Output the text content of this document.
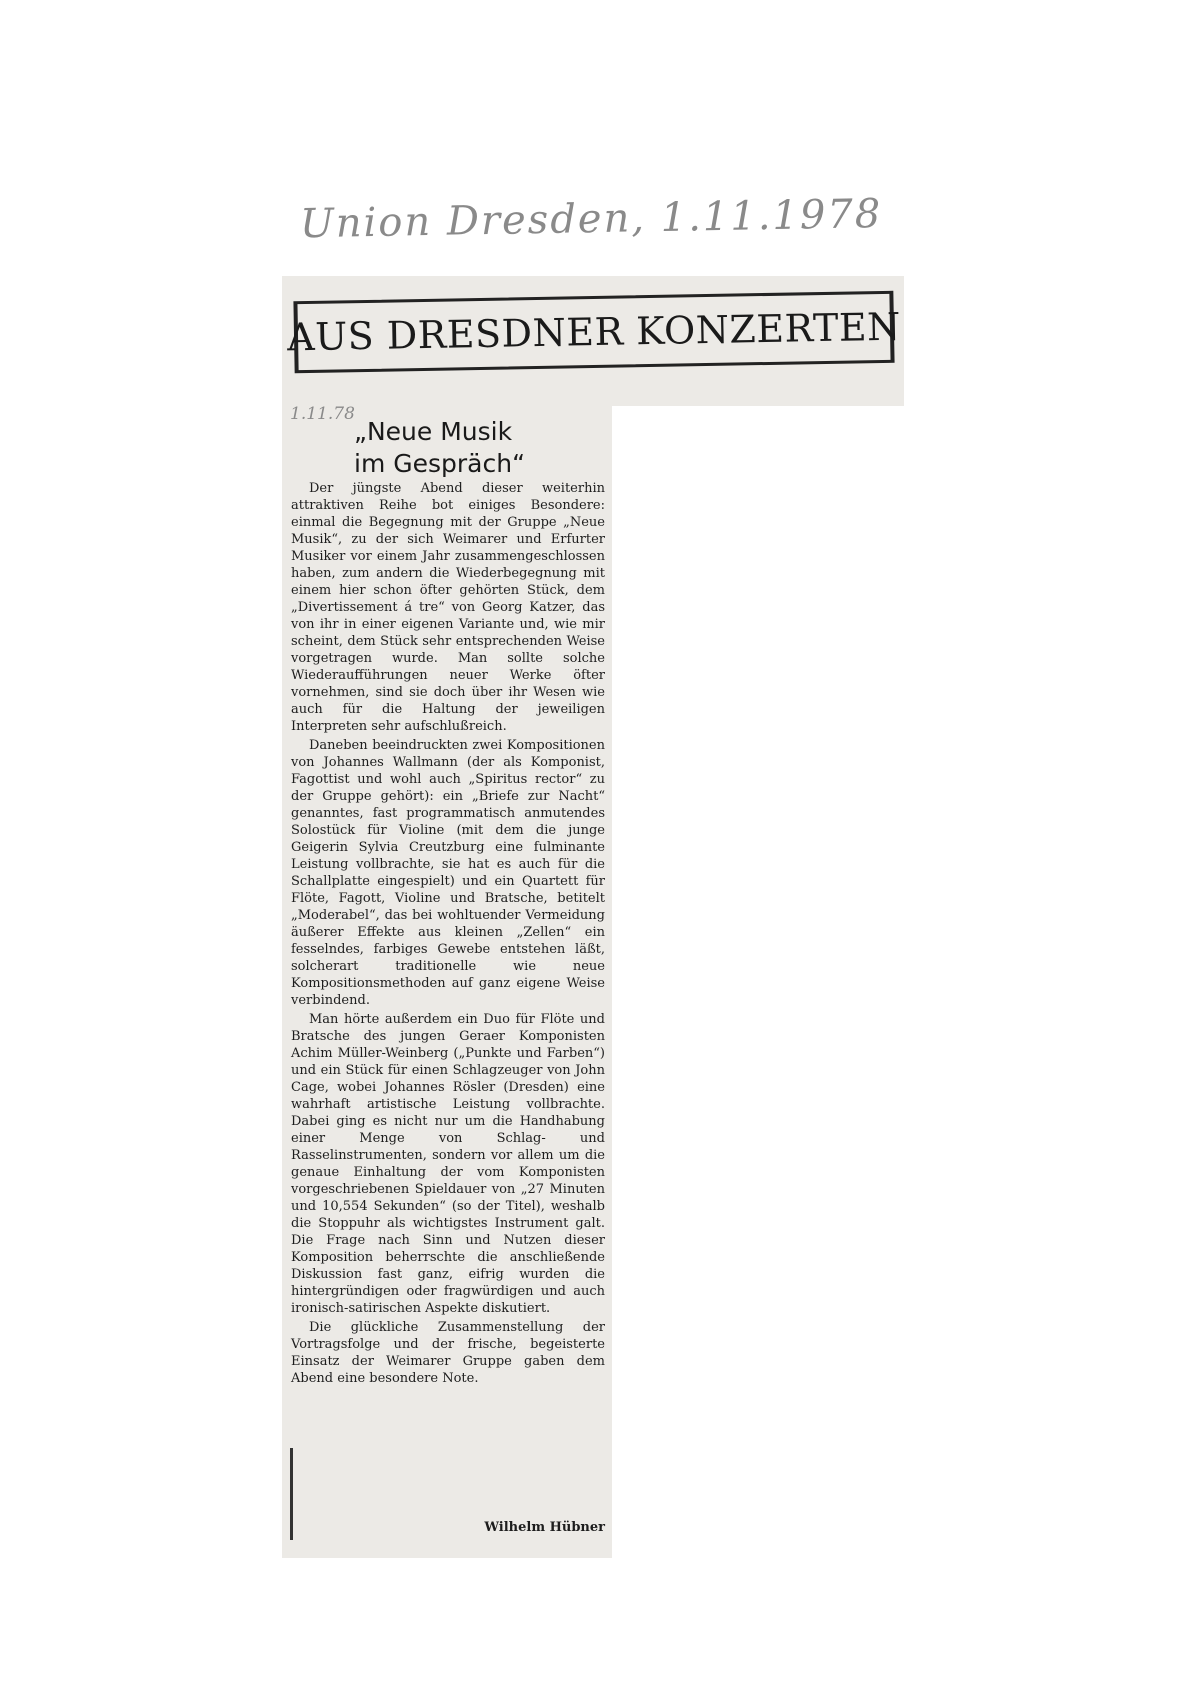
Union Dresden, 1.11.1978
AUS DRESDNER KONZERTEN
1.11.78
„Neue Musik
im Gespräch“

Der jüngste Abend dieser weiterhin attraktiven Reihe bot einiges Besondere: einmal die Begegnung mit der Gruppe „Neue Musik“, zu der sich Weimarer und Erfurter Musiker vor einem Jahr zusammengeschlossen haben, zum andern die Wiederbegegnung mit einem hier schon öfter gehörten Stück, dem „Divertissement á tre“ von Georg Katzer, das von ihr in einer eigenen Variante und, wie mir scheint, dem Stück sehr entsprechenden Weise vorgetragen wurde. Man sollte solche Wiederaufführungen neuer Werke öfter vornehmen, sind sie doch über ihr Wesen wie auch für die Haltung der jeweiligen Interpreten sehr aufschlußreich.

Daneben beeindruckten zwei Kompositionen von Johannes Wallmann (der als Komponist, Fagottist und wohl auch „Spiritus rector“ zu der Gruppe gehört): ein „Briefe zur Nacht“ genanntes, fast programmatisch anmutendes Solostück für Violine (mit dem die junge Geigerin Sylvia Creutzburg eine fulminante Leistung vollbrachte, sie hat es auch für die Schallplatte eingespielt) und ein Quartett für Flöte, Fagott, Violine und Bratsche, betitelt „Moderabel“, das bei wohltuender Vermeidung äußerer Effekte aus kleinen „Zellen“ ein fesselndes, farbiges Gewebe entstehen läßt, solcherart traditionelle wie neue Kompositionsmethoden auf ganz eigene Weise verbindend.

Man hörte außerdem ein Duo für Flöte und Bratsche des jungen Geraer Komponisten Achim Müller-Weinberg („Punkte und Farben“) und ein Stück für einen Schlagzeuger von John Cage, wobei Johannes Rösler (Dresden) eine wahrhaft artistische Leistung vollbrachte. Dabei ging es nicht nur um die Handhabung einer Menge von Schlag- und Rasselinstrumenten, sondern vor allem um die genaue Einhaltung der vom Komponisten vorgeschriebenen Spieldauer von „27 Minuten und 10,554 Sekunden“ (so der Titel), weshalb die Stoppuhr als wichtigstes Instrument galt. Die Frage nach Sinn und Nutzen dieser Komposition beherrschte die anschließende Diskussion fast ganz, eifrig wurden die hintergründigen oder fragwürdigen und auch ironisch-satirischen Aspekte diskutiert.

Die glückliche Zusammenstellung der Vortragsfolge und der frische, begeisterte Einsatz der Weimarer Gruppe gaben dem Abend eine besondere Note.

Wilhelm Hübner
